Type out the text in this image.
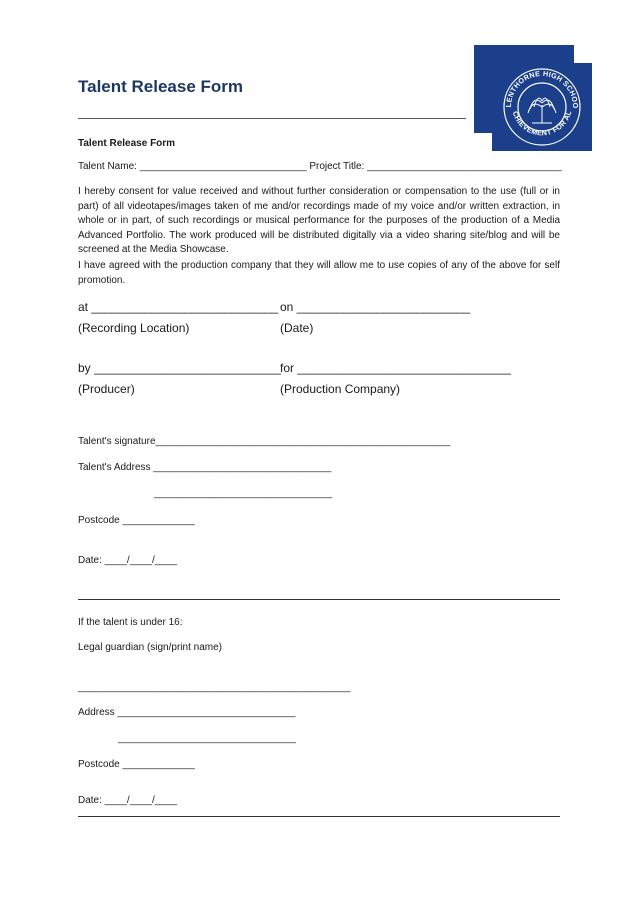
Talent Release Form

LENTHORNE HIGH SCHOO
CHIEVEMENT FOR AL

Talent Release Form
Talent Name: ______________________________ Project Title: ___________________________________
I hereby consent for value received and without further consideration or compensation to the use (full or in part) of all videotapes/images taken of me and/or recordings made of my voice and/or written extraction, in whole or in part, of such recordings or musical performance for the purposes of the production of a Media Advanced Portfolio. The work produced will be distributed digitally via a video sharing site/blog and will be screened at the Media Showcase.
I have agreed with the production company that they will allow me to use copies of any of the above for self promotion.
at ____________________________ on __________________________
(Recording Location)	(Date)
by ____________________________ for ________________________________
(Producer)	(Production Company)
Talent's signature_____________________________________________________
Talent's Address ________________________________
________________________________
Postcode _____________
Date: ____/____/____
If the talent is under 16:
Legal guardian (sign/print name)
_________________________________________________
Address ________________________________
________________________________
Postcode _____________
Date: ____/____/____
